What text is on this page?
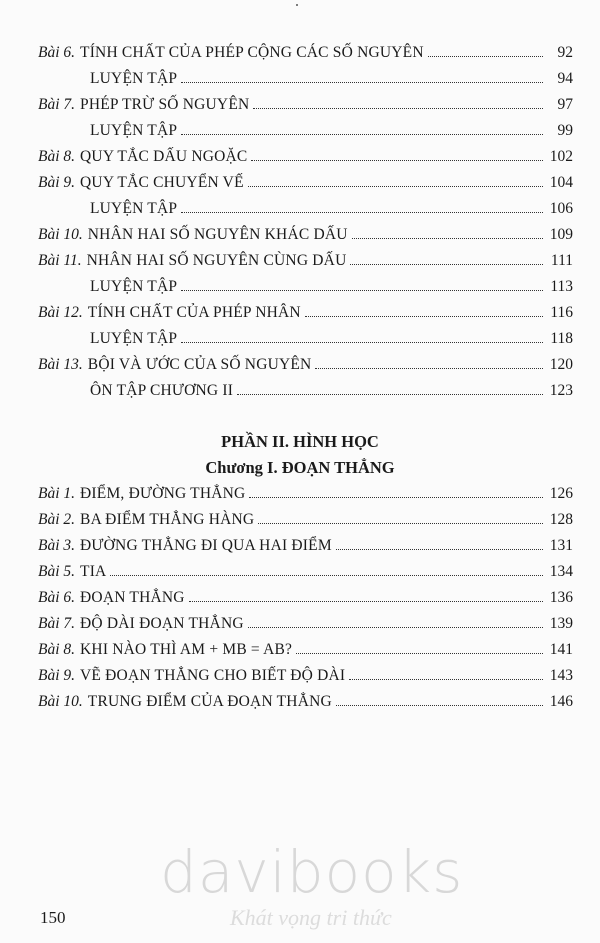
Bài 6. TÍNH CHẤT CỦA PHÉP CỘNG CÁC SỐ NGUYÊN	92
LUYỆN TẬP	94
Bài 7. PHÉP TRỪ SỐ NGUYÊN	97
LUYỆN TẬP	99
Bài 8. QUY TẮC DẤU NGOẶC	102
Bài 9. QUY TẮC CHUYỂN VẾ	104
LUYỆN TẬP	106
Bài 10. NHÂN HAI SỐ NGUYÊN KHÁC DẤU	109
Bài 11. NHÂN HAI SỐ NGUYÊN CÙNG DẤU	111
LUYỆN TẬP	113
Bài 12. TÍNH CHẤT CỦA PHÉP NHÂN	116
LUYỆN TẬP	118
Bài 13. BỘI VÀ ƯỚC CỦA SỐ NGUYÊN	120
ÔN TẬP CHƯƠNG II	123
PHẦN II. HÌNH HỌC
Chương I. ĐOẠN THẲNG
Bài 1. ĐIỂM, ĐƯỜNG THẲNG	126
Bài 2. BA ĐIỂM THẲNG HÀNG	128
Bài 3. ĐƯỜNG THẲNG ĐI QUA HAI ĐIỂM	131
Bài 5. TIA	134
Bài 6. ĐOẠN THẲNG	136
Bài 7. ĐỘ DÀI ĐOẠN THẲNG	139
Bài 8. KHI NÀO THÌ AM + MB = AB?	141
Bài 9. VẼ ĐOẠN THẲNG CHO BIẾT ĐỘ DÀI	143
Bài 10. TRUNG ĐIỂM CỦA ĐOẠN THẲNG	146
davibooks
Khát vọng tri thức
150
